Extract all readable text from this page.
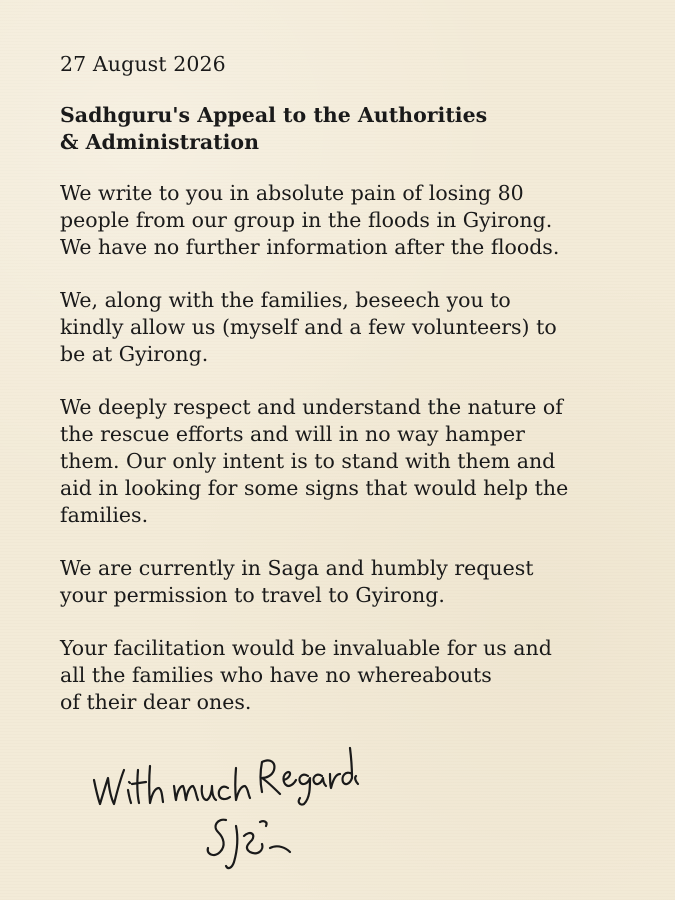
27 August 2026
Sadhguru's Appeal to the Authorities
& Administration
We write to you in absolute pain of losing 80
people from our group in the floods in Gyirong.
We have no further information after the floods.
We, along with the families, beseech you to
kindly allow us (myself and a few volunteers) to
be at Gyirong.
We deeply respect and understand the nature of
the rescue efforts and will in no way hamper
them. Our only intent is to stand with them and
aid in looking for some signs that would help the
families.
We are currently in Saga and humbly request
your permission to travel to Gyirong.
Your facilitation would be invaluable for us and
all the families who have no whereabouts
of their dear ones.
